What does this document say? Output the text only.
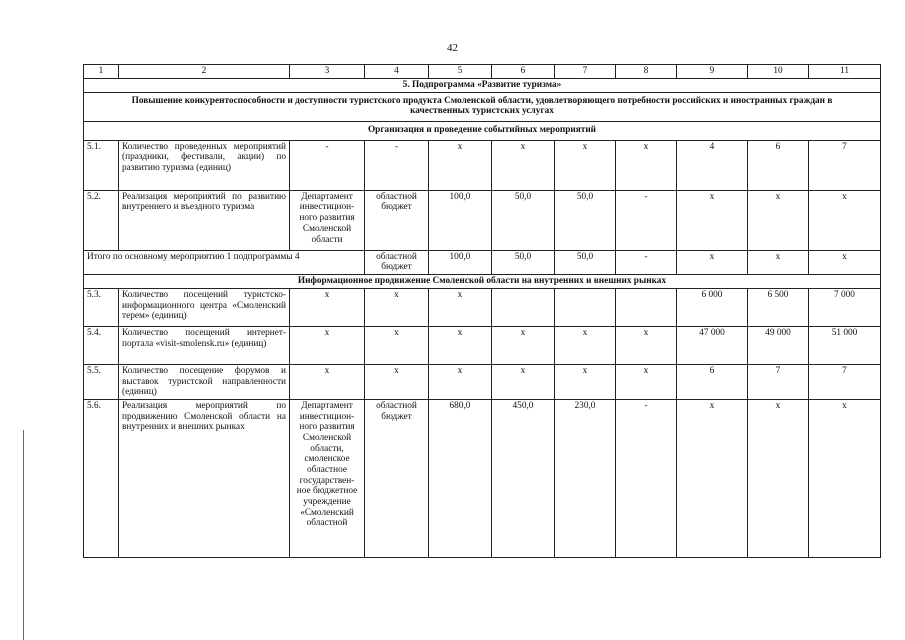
42
1	2	3	4	5	6	7	8	9	10	11
5. Подпрограмма «Развитие туризма»										
Повышение конкурентоспособности и доступности туристского продукта Смоленской области, удовлетворяющего потребности российских и иностранных граждан в качественных туристских услугах										
Организация и проведение событийных мероприятий										
5.1.	Количество проведенных мероприятий (праздники, фестивали, акции) по развитию туризма (единиц)	-	-	х	х	х	х	4	6	7
5.2.	Реализация мероприятий по развитию внутреннего и въездного туризма	Департамент инвестицион-ного развития Смоленской области	областной бюджет	100,0	50,0	50,0	-	х	х	х
Итого по основному мероприятию 1 подпрограммы 4			областной бюджет	100,0	50,0	50,0	-	х	х	х
Информационное продвижение Смоленской области на внутренних и внешних рынках										
5.3.	Количество посещений туристско-информационного центра «Смоленский терем» (единиц)	х	х	х				6 000	6 500	7 000
5.4.	Количество посещений интернет-портала «visit-smolensk.ru» (единиц)	х	х	х	х	х	х	47 000	49 000	51 000
5.5.	Количество посещение форумов и выставок туристской направленности (единиц)	х	х	х	х	х	х	6	7	7
5.6.	Реализация мероприятий по продвижению Смоленской области на внутренних и внешних рынках	Департамент инвестицион-ного развития Смоленской области, смоленское областное государствен-ное бюджетное учреждение «Смоленский областной	областной бюджет	680,0	450,0	230,0	-	х	х	х
